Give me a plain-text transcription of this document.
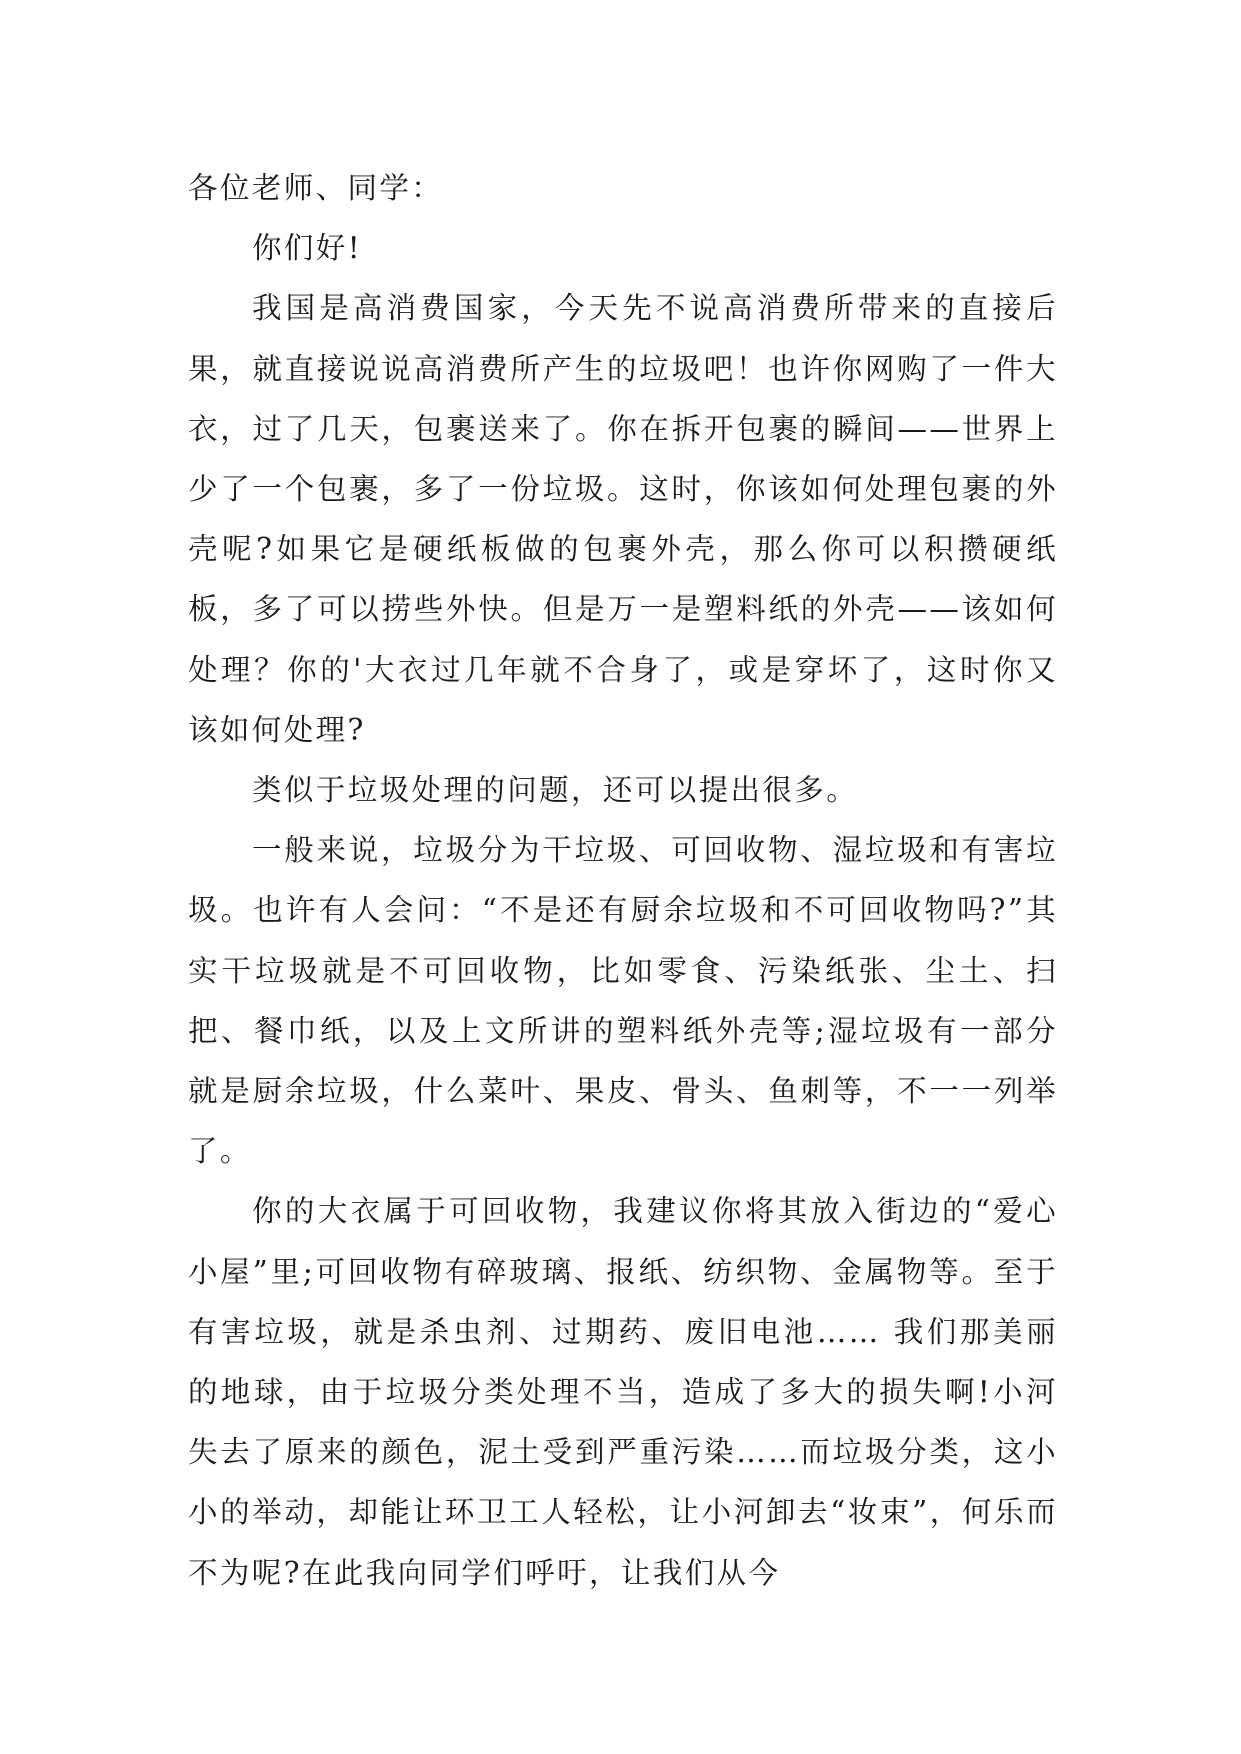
各位老师、同学：

你们好!

我国是高消费国家，今天先不说高消费所带来的直接后果，就直接说说高消费所产生的垃圾吧！也许你网购了一件大衣，过了几天，包裹送来了。你在拆开包裹的瞬间——世界上少了一个包裹，多了一份垃圾。这时，你该如何处理包裹的外壳呢?如果它是硬纸板做的包裹外壳，那么你可以积攒硬纸板，多了可以捞些外快。但是万一是塑料纸的外壳——该如何处理？你的'大衣过几年就不合身了，或是穿坏了，这时你又该如何处理?

类似于垃圾处理的问题，还可以提出很多。

一般来说，垃圾分为干垃圾、可回收物、湿垃圾和有害垃圾。也许有人会问：“不是还有厨余垃圾和不可回收物吗?”其实干垃圾就是不可回收物，比如零食、污染纸张、尘土、扫把、餐巾纸，以及上文所讲的塑料纸外壳等;湿垃圾有一部分就是厨余垃圾，什么菜叶、果皮、骨头、鱼刺等，不一一列举了。

你的大衣属于可回收物，我建议你将其放入街边的“爱心小屋”里;可回收物有碎玻璃、报纸、纺织物、金属物等。至于有害垃圾，就是杀虫剂、过期药、废旧电池…… 我们那美丽的地球，由于垃圾分类处理不当，造成了多大的损失啊!小河失去了原来的颜色，泥土受到严重污染……而垃圾分类，这小小的举动，却能让环卫工人轻松，让小河卸去“妆束”，何乐而不为呢?在此我向同学们呼吁，让我们从今
